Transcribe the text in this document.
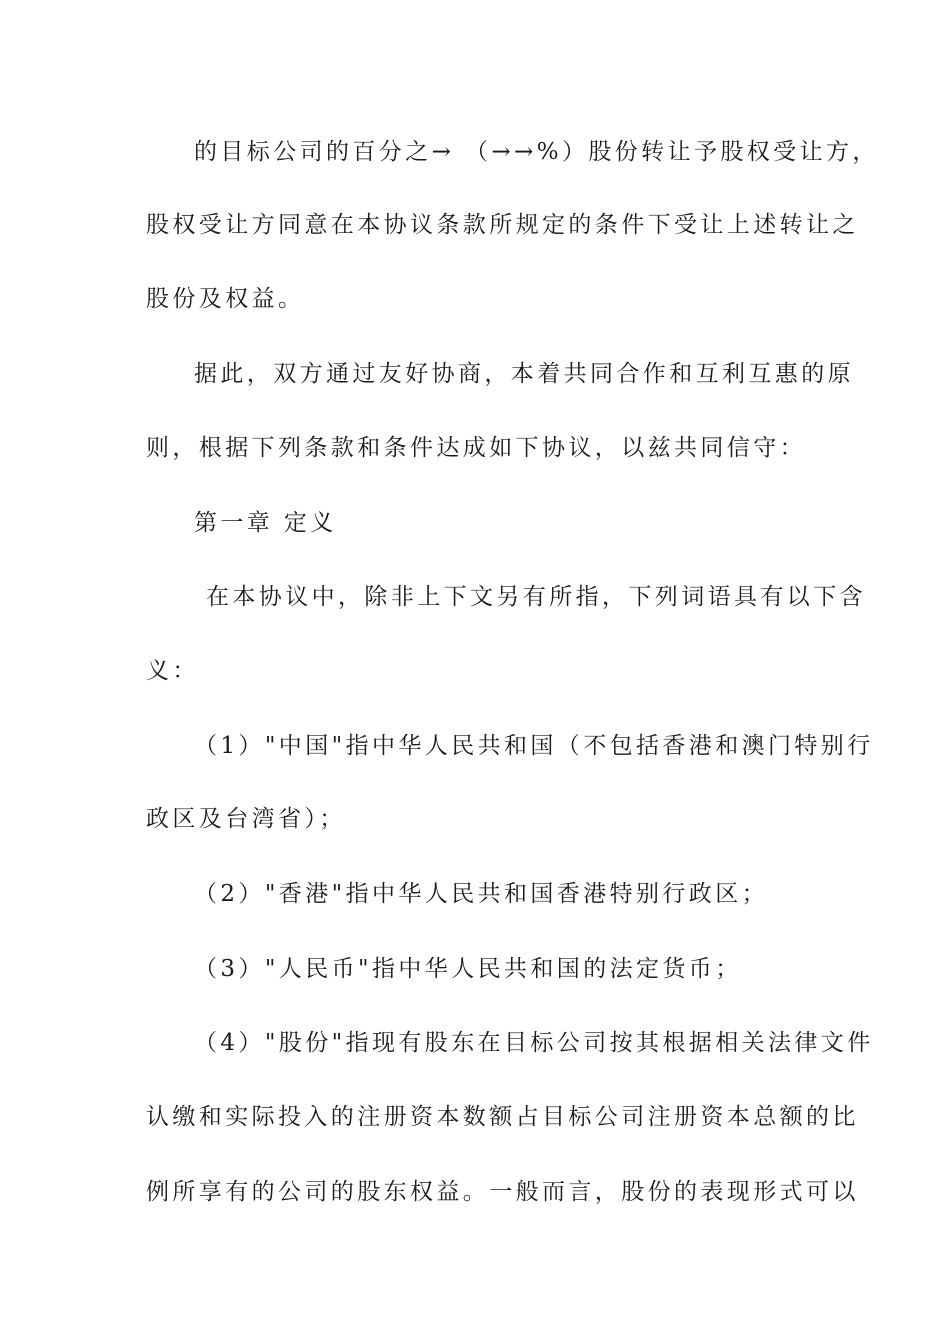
的目标公司的百分之→ （→→%）股份转让予股权受让方，
股权受让方同意在本协议条款所规定的条件下受让上述转让之
股份及权益。
据此，双方通过友好协商，本着共同合作和互利互惠的原
则，根据下列条款和条件达成如下协议，以兹共同信守：
第一章 定义
在本协议中，除非上下文另有所指，下列词语具有以下含
义：
（1）"中国"指中华人民共和国（不包括香港和澳门特别行
政区及台湾省）；
（2）"香港"指中华人民共和国香港特别行政区；
（3）"人民币"指中华人民共和国的法定货币；
（4）"股份"指现有股东在目标公司按其根据相关法律文件
认缴和实际投入的注册资本数额占目标公司注册资本总额的比
例所享有的公司的股东权益。一般而言，股份的表现形式可以
